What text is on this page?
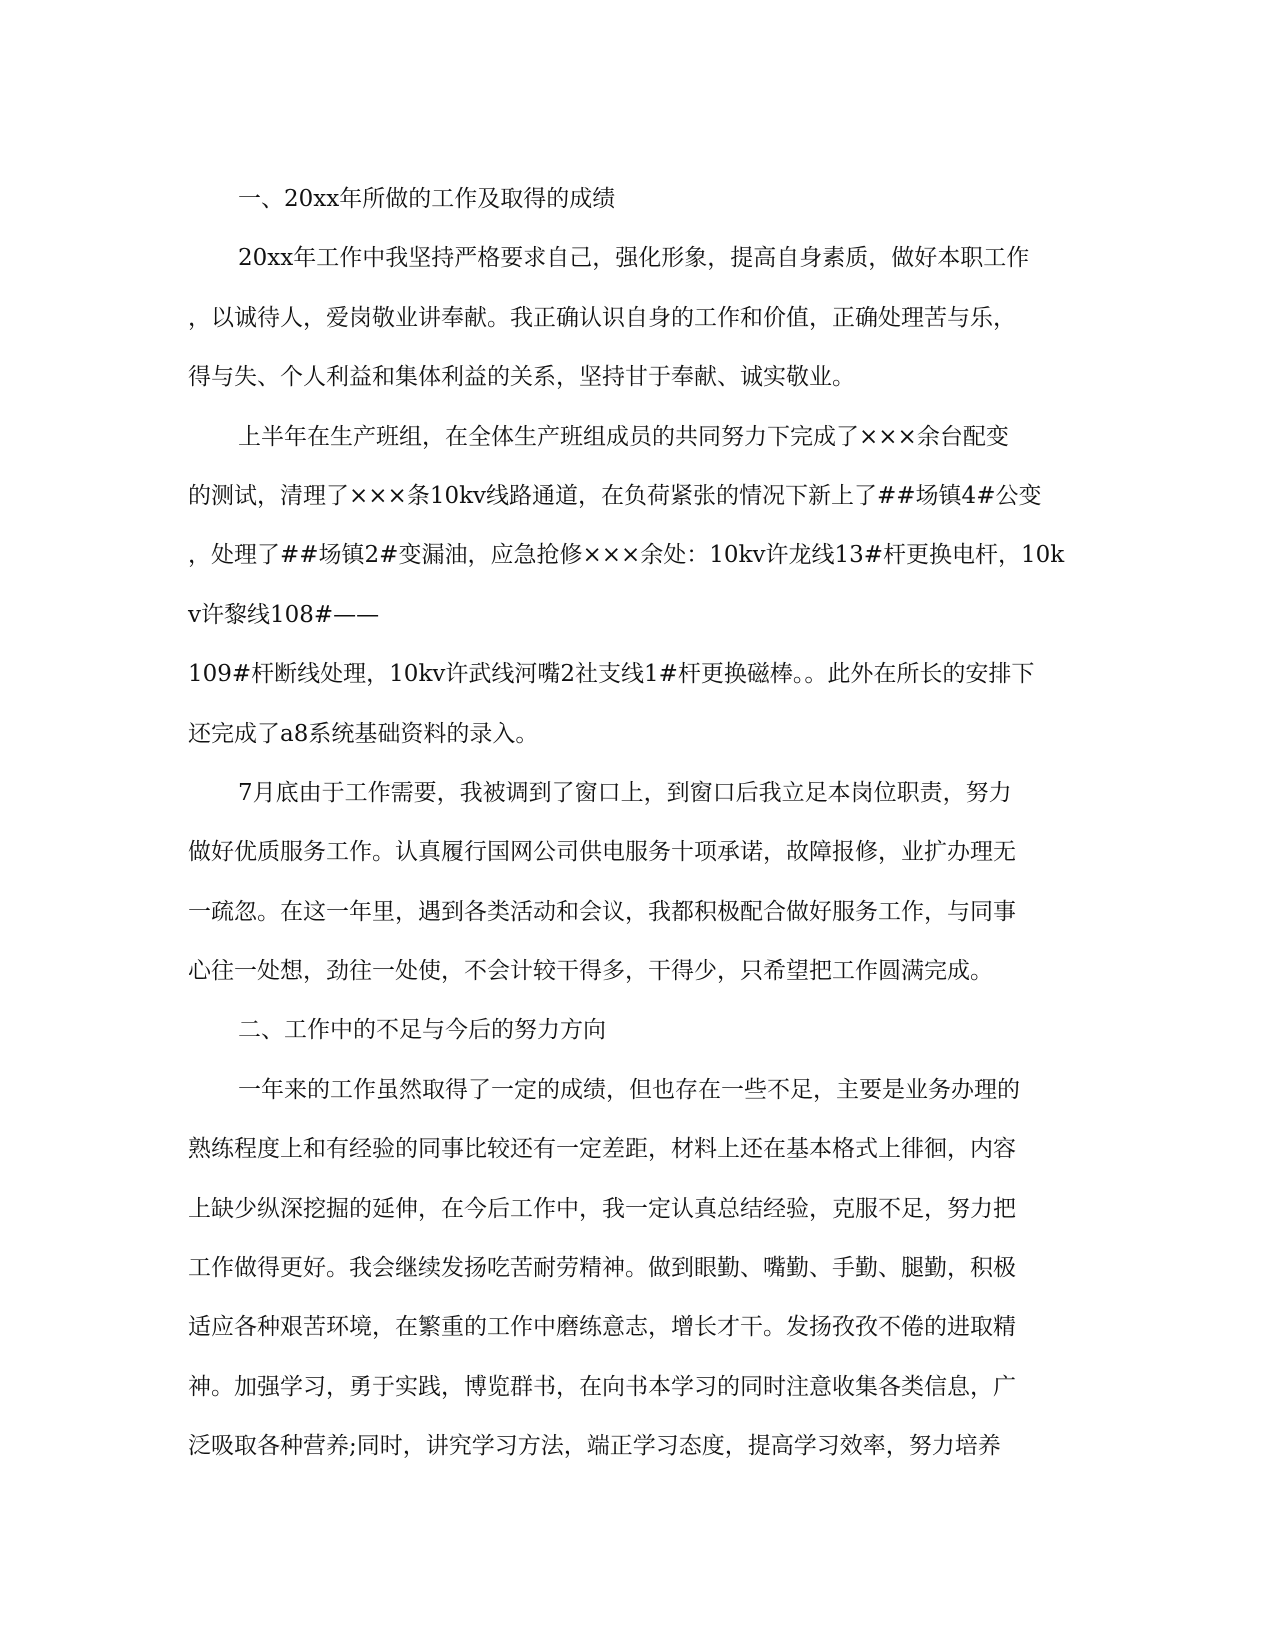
一、20xx年所做的工作及取得的成绩
20xx年工作中我坚持严格要求自己，强化形象，提高自身素质，做好本职工作
，以诚待人，爱岗敬业讲奉献。我正确认识自身的工作和价值，正确处理苦与乐，
得与失、个人利益和集体利益的关系，坚持甘于奉献、诚实敬业。
上半年在生产班组，在全体生产班组成员的共同努力下完成了×××余台配变
的测试，清理了×××条10kv线路通道，在负荷紧张的情况下新上了##场镇4#公变
，处理了##场镇2#变漏油，应急抢修×××余处：10kv许龙线13#杆更换电杆，10k
v许黎线108#——
109#杆断线处理，10kv许武线河嘴2社支线1#杆更换磁棒。。此外在所长的安排下
还完成了a8系统基础资料的录入。
7月底由于工作需要，我被调到了窗口上，到窗口后我立足本岗位职责，努力
做好优质服务工作。认真履行国网公司供电服务十项承诺，故障报修，业扩办理无
一疏忽。在这一年里，遇到各类活动和会议，我都积极配合做好服务工作，与同事
心往一处想，劲往一处使，不会计较干得多，干得少，只希望把工作圆满完成。
二、工作中的不足与今后的努力方向
一年来的工作虽然取得了一定的成绩，但也存在一些不足，主要是业务办理的
熟练程度上和有经验的同事比较还有一定差距，材料上还在基本格式上徘徊，内容
上缺少纵深挖掘的延伸，在今后工作中，我一定认真总结经验，克服不足，努力把
工作做得更好。我会继续发扬吃苦耐劳精神。做到眼勤、嘴勤、手勤、腿勤，积极
适应各种艰苦环境，在繁重的工作中磨练意志，增长才干。发扬孜孜不倦的进取精
神。加强学习，勇于实践，博览群书，在向书本学习的同时注意收集各类信息，广
泛吸取各种营养;同时，讲究学习方法，端正学习态度，提高学习效率，努力培养
